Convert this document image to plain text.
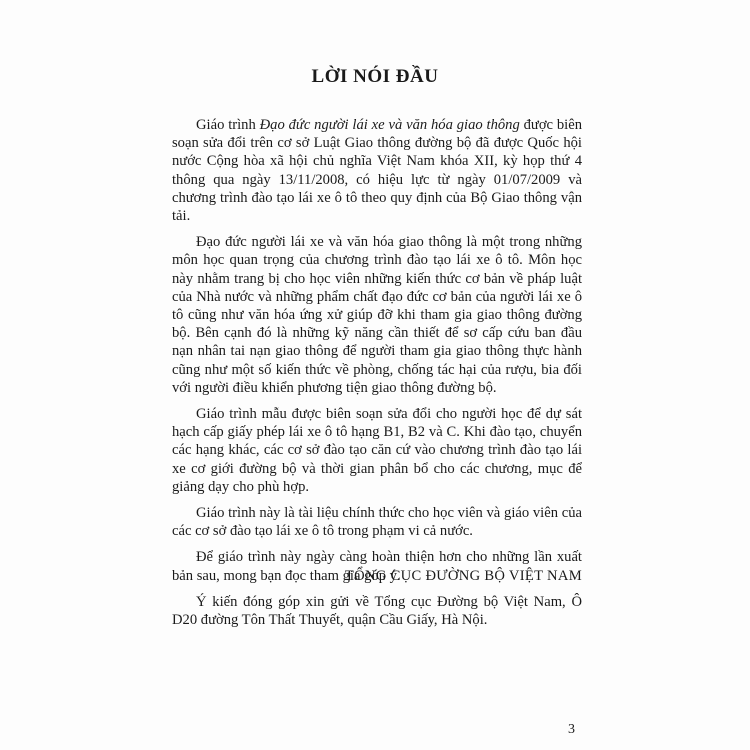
LỜI NÓI ĐẦU

Giáo trình Đạo đức người lái xe và văn hóa giao thông được biên soạn sửa đổi trên cơ sở Luật Giao thông đường bộ đã được Quốc hội nước Cộng hòa xã hội chủ nghĩa Việt Nam khóa XII, kỳ họp thứ 4 thông qua ngày 13/11/2008, có hiệu lực từ ngày 01/07/2009 và chương trình đào tạo lái xe ô tô theo quy định của Bộ Giao thông vận tải.

Đạo đức người lái xe và văn hóa giao thông là một trong những môn học quan trọng của chương trình đào tạo lái xe ô tô. Môn học này nhằm trang bị cho học viên những kiến thức cơ bản về pháp luật của Nhà nước và những phẩm chất đạo đức cơ bản của người lái xe ô tô cũng như văn hóa ứng xử giúp đỡ khi tham gia giao thông đường bộ. Bên cạnh đó là những kỹ năng cần thiết để sơ cấp cứu ban đầu nạn nhân tai nạn giao thông để người tham gia giao thông thực hành cũng như một số kiến thức về phòng, chống tác hại của rượu, bia đối với người điều khiển phương tiện giao thông đường bộ.

Giáo trình mẫu được biên soạn sửa đổi cho người học để dự sát hạch cấp giấy phép lái xe ô tô hạng B1, B2 và C. Khi đào tạo, chuyển các hạng khác, các cơ sở đào tạo căn cứ vào chương trình đào tạo lái xe cơ giới đường bộ và thời gian phân bổ cho các chương, mục để giảng dạy cho phù hợp.

Giáo trình này là tài liệu chính thức cho học viên và giáo viên của các cơ sở đào tạo lái xe ô tô trong phạm vi cả nước.

Để giáo trình này ngày càng hoàn thiện hơn cho những lần xuất bản sau, mong bạn đọc tham gia góp ý.

Ý kiến đóng góp xin gửi về Tổng cục Đường bộ Việt Nam, Ô D20 đường Tôn Thất Thuyết, quận Cầu Giấy, Hà Nội.

TỔNG CỤC ĐƯỜNG BỘ VIỆT NAM
3
